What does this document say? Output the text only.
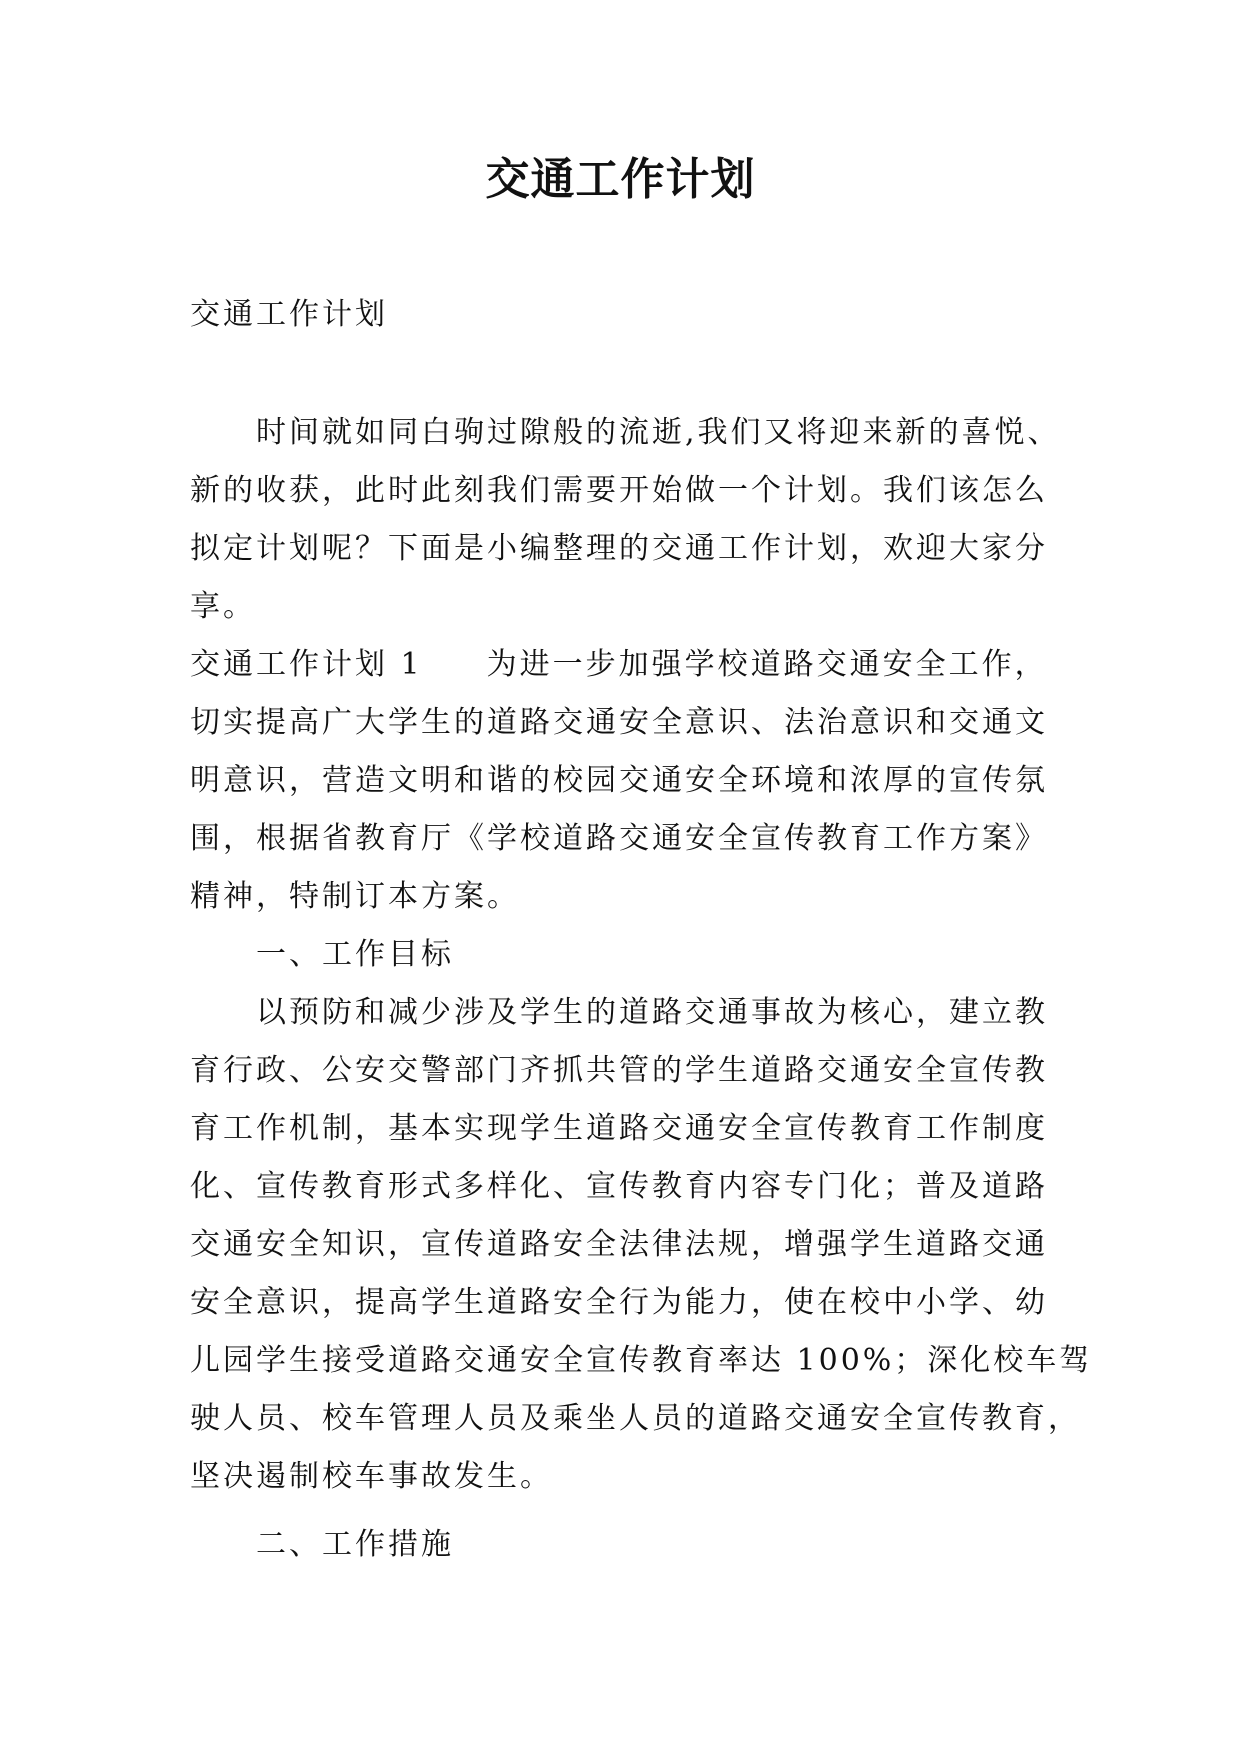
交通工作计划
交通工作计划
时间就如同白驹过隙般的流逝,我们又将迎来新的喜悦、
新的收获，此时此刻我们需要开始做一个计划。我们该怎么
拟定计划呢？下面是小编整理的交通工作计划，欢迎大家分
享。
交通工作计划 1 为进一步加强学校道路交通安全工作，
切实提高广大学生的道路交通安全意识、法治意识和交通文
明意识，营造文明和谐的校园交通安全环境和浓厚的宣传氛
围，根据省教育厅《学校道路交通安全宣传教育工作方案》
精神，特制订本方案。
一、工作目标
以预防和减少涉及学生的道路交通事故为核心，建立教
育行政、公安交警部门齐抓共管的学生道路交通安全宣传教
育工作机制，基本实现学生道路交通安全宣传教育工作制度
化、宣传教育形式多样化、宣传教育内容专门化；普及道路
交通安全知识，宣传道路安全法律法规，增强学生道路交通
安全意识，提高学生道路安全行为能力，使在校中小学、幼
儿园学生接受道路交通安全宣传教育率达 100%；深化校车驾
驶人员、校车管理人员及乘坐人员的道路交通安全宣传教育，
坚决遏制校车事故发生。
二、工作措施
